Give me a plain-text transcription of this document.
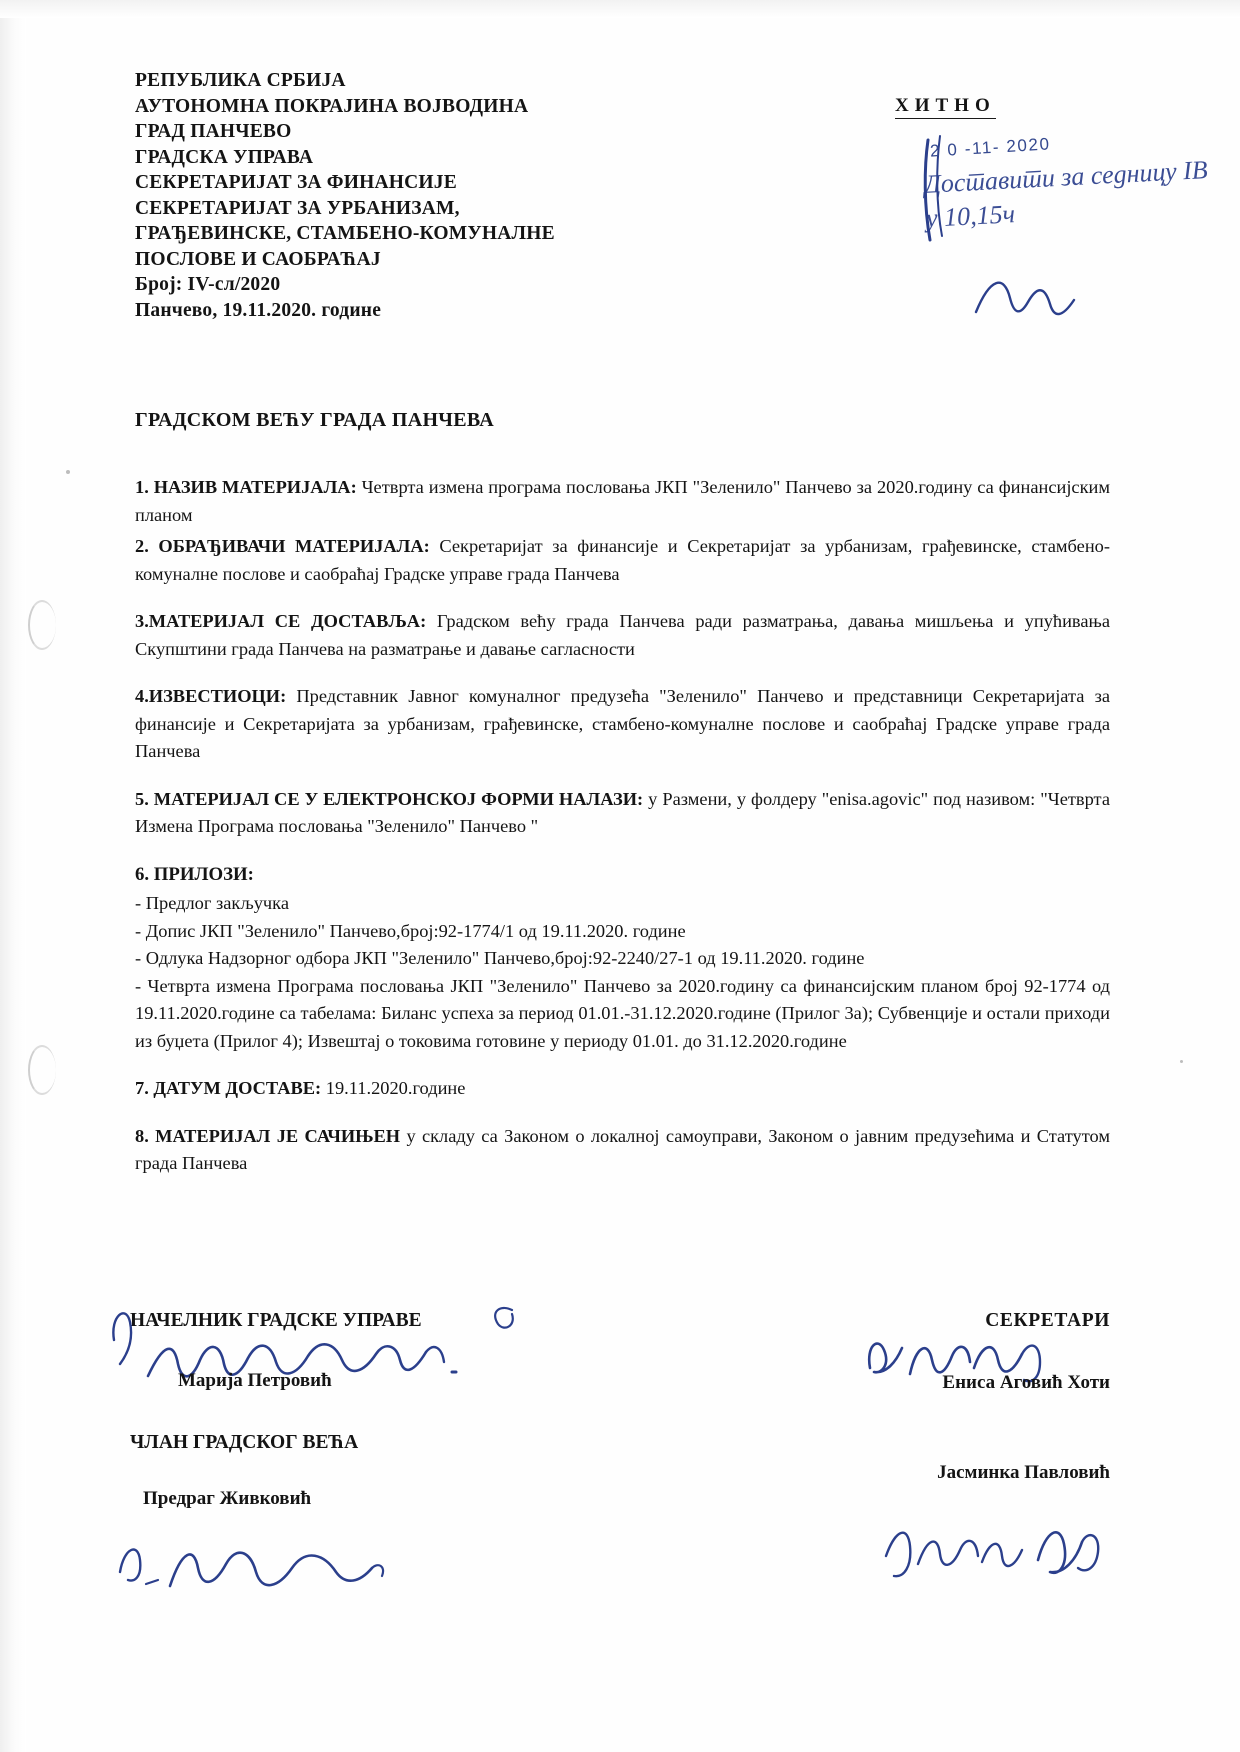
РЕПУБЛИКА СРБИЈА
АУТОНОМНА ПОКРАЈИНА ВОЈВОДИНА
ГРАД ПАНЧЕВО
ГРАДСКА УПРАВА
СЕКРЕТАРИЈАТ ЗА ФИНАНСИЈЕ
СЕКРЕТАРИЈАТ ЗА УРБАНИЗАМ,
ГРАЂЕВИНСКЕ, СТАМБЕНО-КОМУНАЛНЕ
ПОСЛОВЕ И САОБРАЋАЈ
Број: IV-сл/2020
Панчево, 19.11.2020. године
ХИТНО
ГРАДСКОМ ВЕЋУ ГРАДА ПАНЧЕВА
1. НАЗИВ МАТЕРИЈАЛА: Четврта измена програма пословања ЈКП "Зеленило" Панчево за 2020.годину са финансијским планом
2. ОБРАЂИВАЧИ МАТЕРИЈАЛА: Секретаријат за финансије и Секретаријат за урбанизам, грађевинске, стамбено-комуналне послове и саобраћај Градске управе града Панчева
3.МАТЕРИЈАЛ СЕ ДОСТАВЉА: Градском већу града Панчева ради разматрања, давања мишљења и упућивања Скупштини града Панчева на разматрање и давање сагласности
4.ИЗВЕСТИОЦИ: Представник Јавног комуналног предузећа "Зеленило" Панчево и представници Секретаријата за финансије и Секретаријата за урбанизам, грађевинске, стамбено-комуналне послове и саобраћај Градске управе града Панчева
5. МАТЕРИЈАЛ СЕ У ЕЛЕКТРОНСКОЈ ФОРМИ НАЛАЗИ: у Размени, у фолдеру "enisa.agovic" под називом: "Четврта Измена Програма пословања "Зеленило" Панчево "
6. ПРИЛОЗИ:
- Предлог закључка
- Допис ЈКП "Зеленило" Панчево,број:92-1774/1 од 19.11.2020. године
- Одлука Надзорног одбора ЈКП "Зеленило" Панчево,број:92-2240/27-1 од 19.11.2020. године
- Четврта измена Програма пословања ЈКП "Зеленило" Панчево за 2020.годину са финансијским планом број 92-1774 од 19.11.2020.године са табелама: Биланс успеха за период 01.01.-31.12.2020.године (Прилог 3а); Субвенције и остали приходи из буџета (Прилог 4); Извештај о токовима готовине у периоду 01.01. до 31.12.2020.године
7. ДАТУМ ДОСТАВЕ: 19.11.2020.године
8. МАТЕРИЈАЛ ЈЕ САЧИЊЕН у складу са Законом о локалној самоуправи, Законом о јавним предузећима и Статутом града Панчева
2 0 -11- 2020
Доставити за седницу ІВ у 10,15ч
НАЧЕЛНИК ГРАДСКЕ УПРАВЕ
Марија Петровић
ЧЛАН ГРАДСКОГ ВЕЋА
Предраг Живковић
СЕКРЕТАРИ
Ениса Аговић Хоти
Јасминка Павловић
